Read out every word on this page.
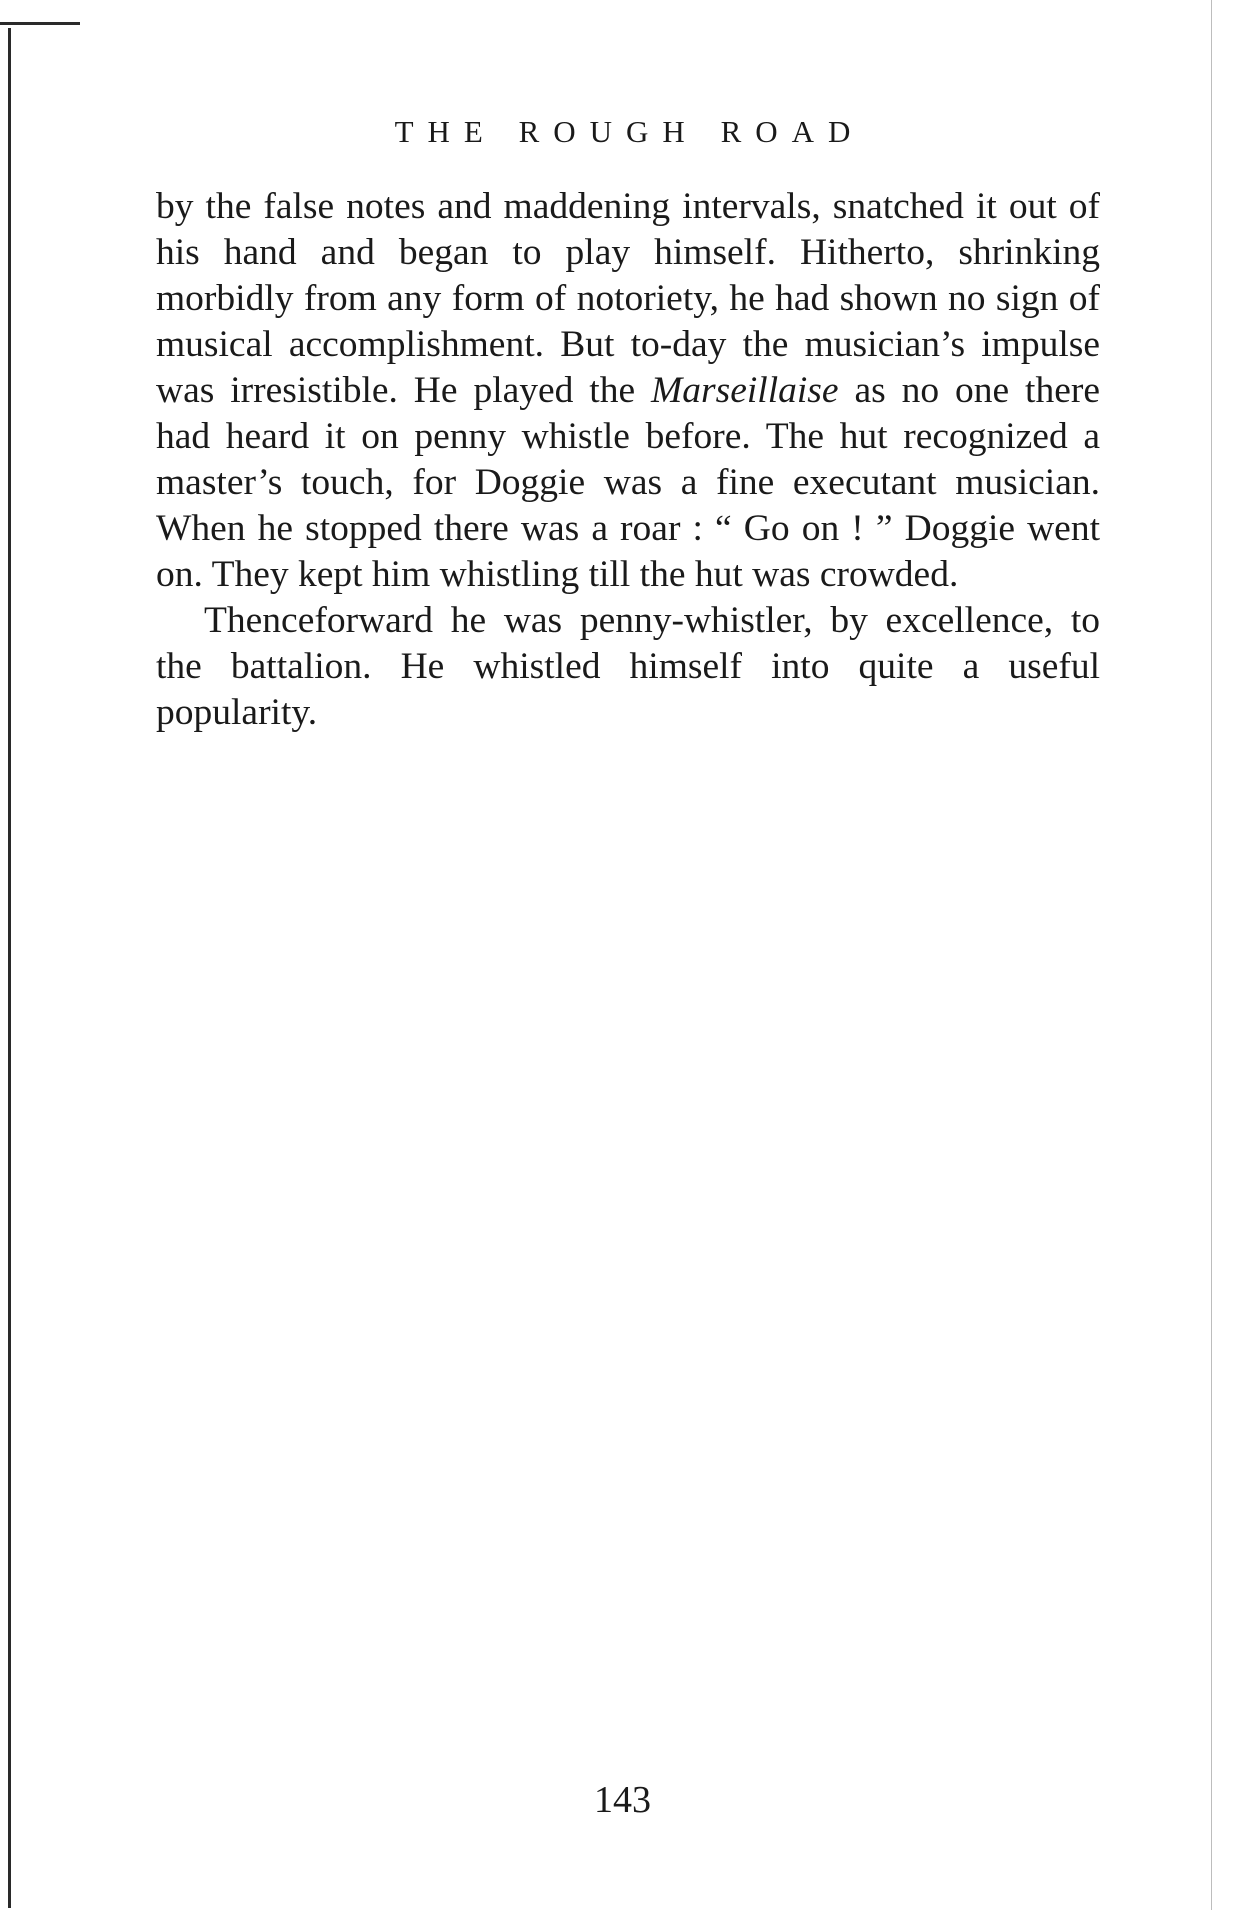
THE ROUGH ROAD

by the false notes and maddening intervals, snatched it out of his hand and began to play himself. Hitherto, shrinking morbidly from any form of notoriety, he had shown no sign of musical accomplishment. But to-day the musician’s impulse was irresistible. He played the Marseillaise as no one there had heard it on penny whistle before. The hut recognized a master’s touch, for Doggie was a fine executant musician. When he stopped there was a roar : “ Go on ! ” Doggie went on. They kept him whistling till the hut was crowded.

Thenceforward he was penny-whistler, by excellence, to the battalion. He whistled himself into quite a useful popularity.

143
